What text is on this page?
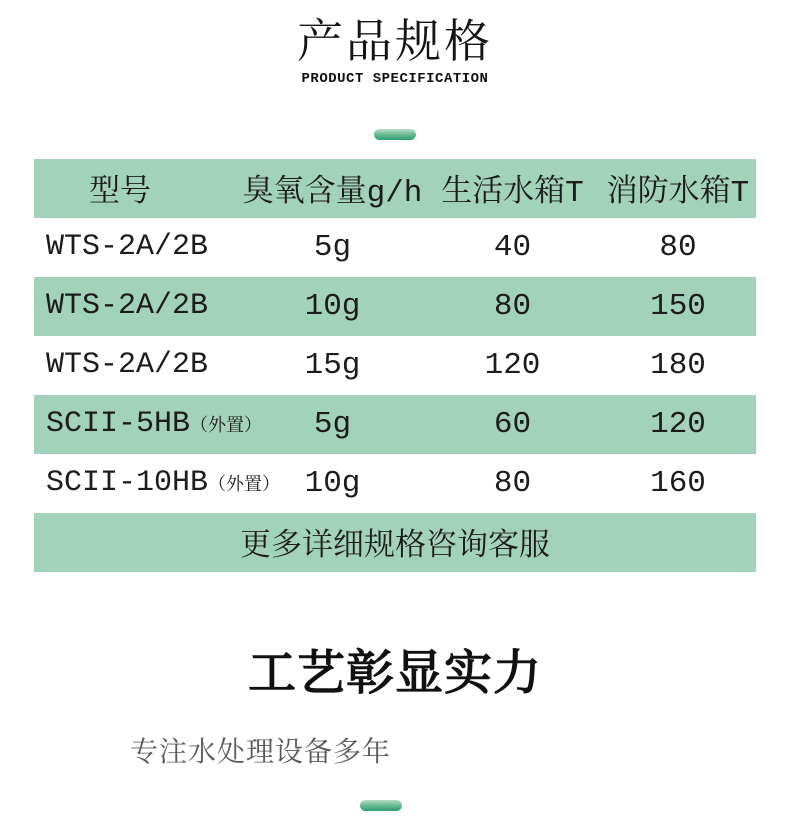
产品规格
PRODUCT SPECIFICATION
型号	臭氧含量g/h	生活水箱T	消防水箱T
WTS-2A/2B	5g	40	80
WTS-2A/2B	10g	80	150
WTS-2A/2B	15g	120	180
SCII-5HB（外置）	5g	60	120
SCII-10HB（外置）	10g	80	160
更多详细规格咨询客服			
工艺彰显实力

专注水处理设备多年
